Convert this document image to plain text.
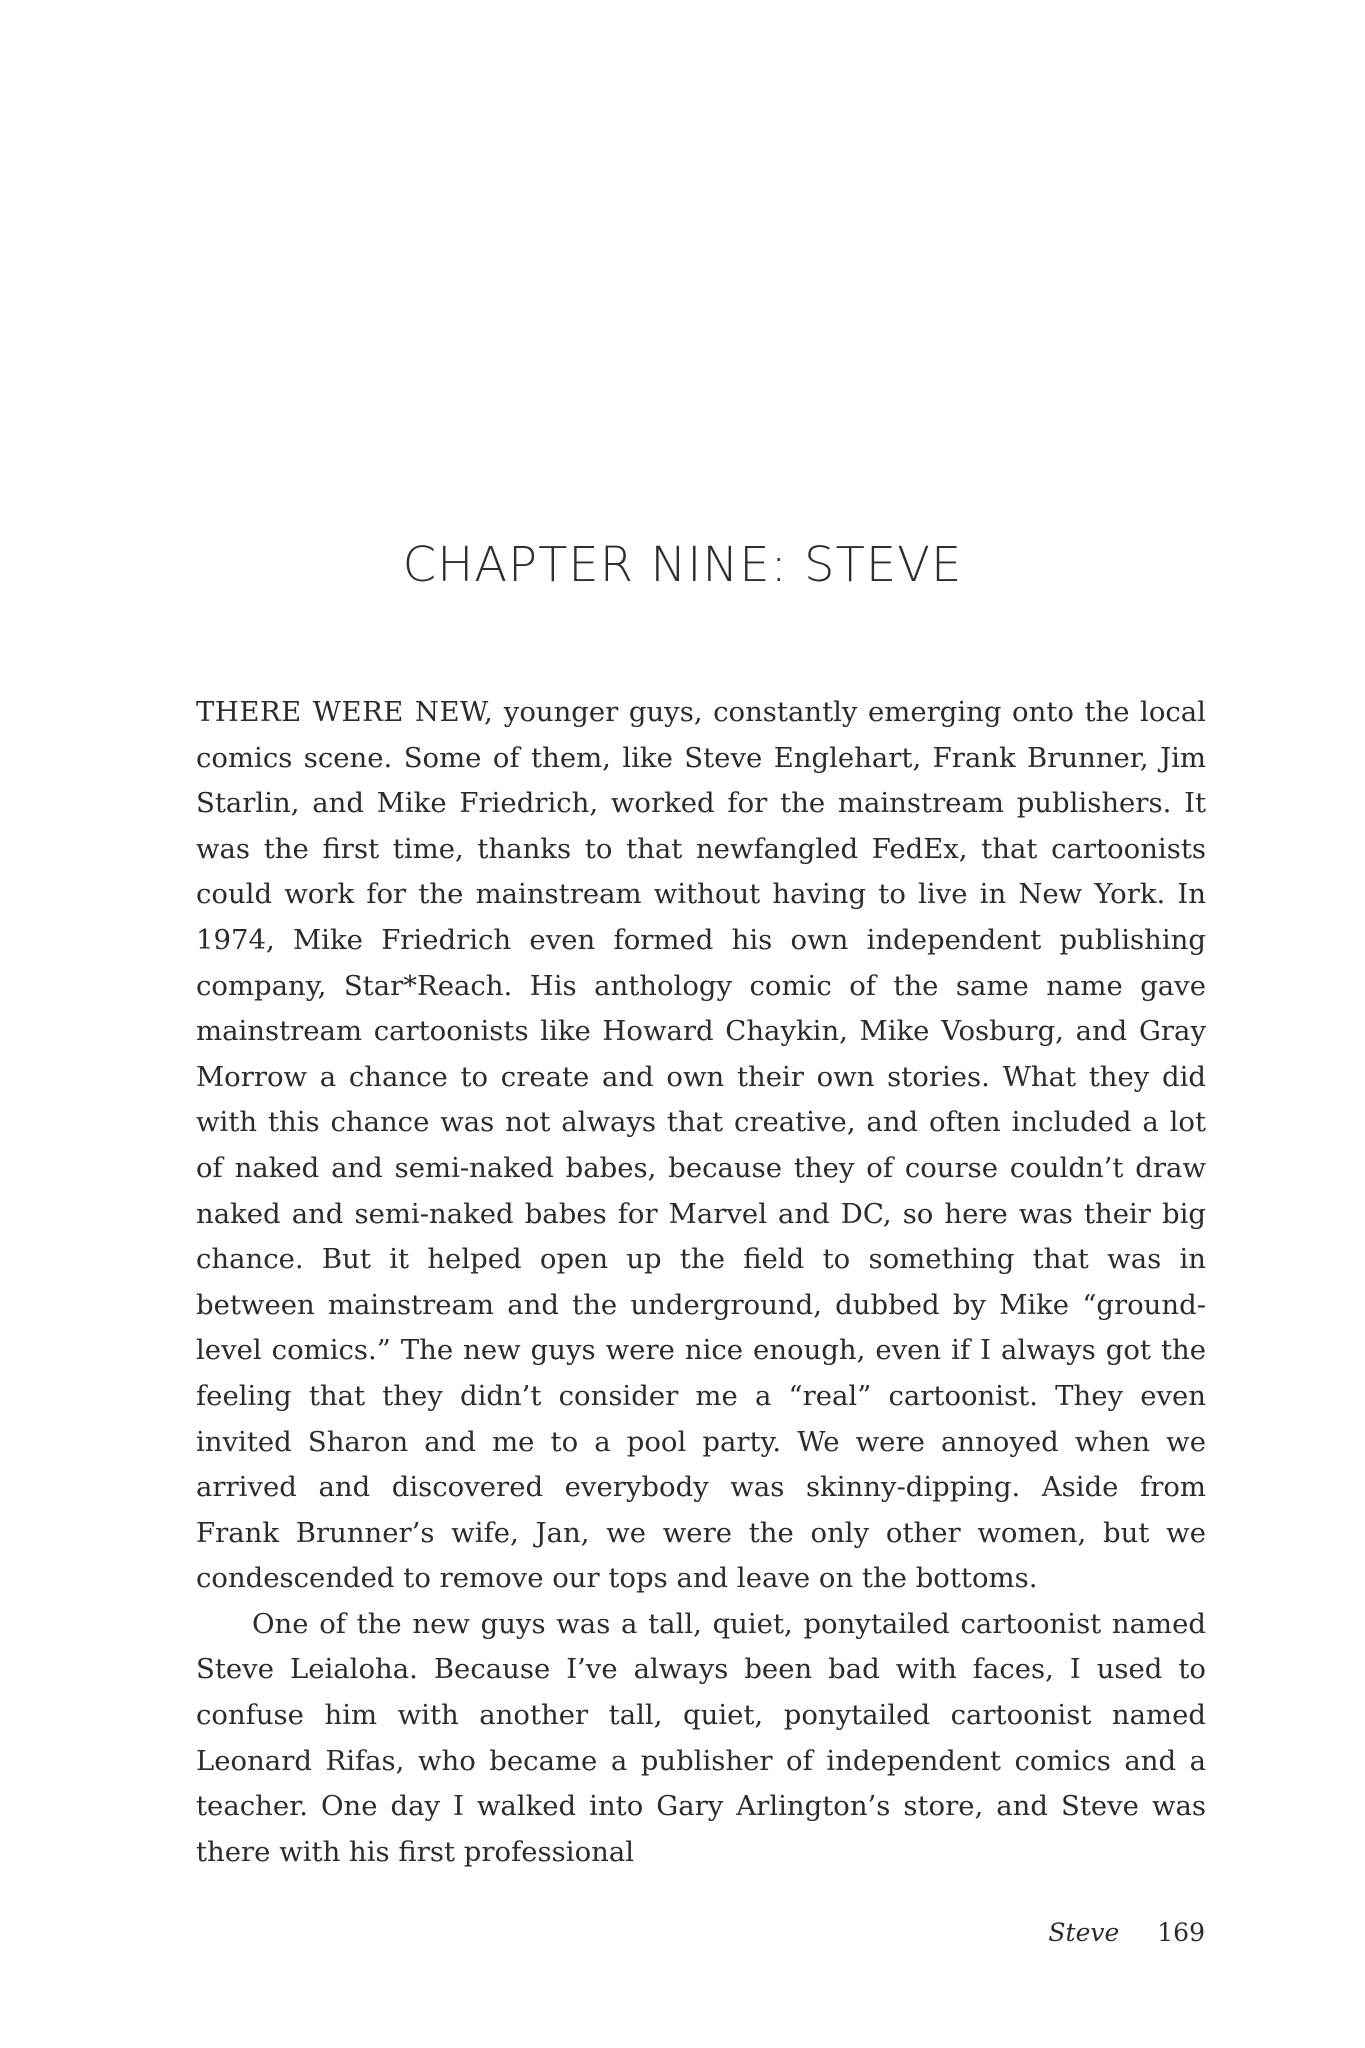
CHAPTER NINE: STEVE

THERE WERE NEW, younger guys, constantly emerging onto the local comics scene. Some of them, like Steve Englehart, Frank Brunner, Jim Starlin, and Mike Friedrich, worked for the mainstream publishers. It was the first time, thanks to that newfangled FedEx, that cartoonists could work for the mainstream without having to live in New York. In 1974, Mike Friedrich even formed his own independent publishing company, Star*Reach. His anthology comic of the same name gave mainstream cartoonists like Howard Chaykin, Mike Vosburg, and Gray Morrow a chance to create and own their own stories. What they did with this chance was not always that creative, and often included a lot of naked and semi-naked babes, because they of course couldn’t draw naked and semi-naked babes for Marvel and DC, so here was their big chance. But it helped open up the field to something that was in between mainstream and the underground, dubbed by Mike “ground-level comics.” The new guys were nice enough, even if I always got the feeling that they didn’t consider me a “real” cartoonist. They even invited Sharon and me to a pool party. We were annoyed when we arrived and discovered everybody was skinny-dipping. Aside from Frank Brunner’s wife, Jan, we were the only other women, but we condescended to remove our tops and leave on the bottoms.

One of the new guys was a tall, quiet, ponytailed cartoonist named Steve Leialoha. Because I’ve always been bad with faces, I used to confuse him with another tall, quiet, ponytailed cartoonist named Leonard Rifas, who became a publisher of independent comics and a teacher. One day I walked into Gary Arlington’s store, and Steve was there with his first professional

Steve 169
